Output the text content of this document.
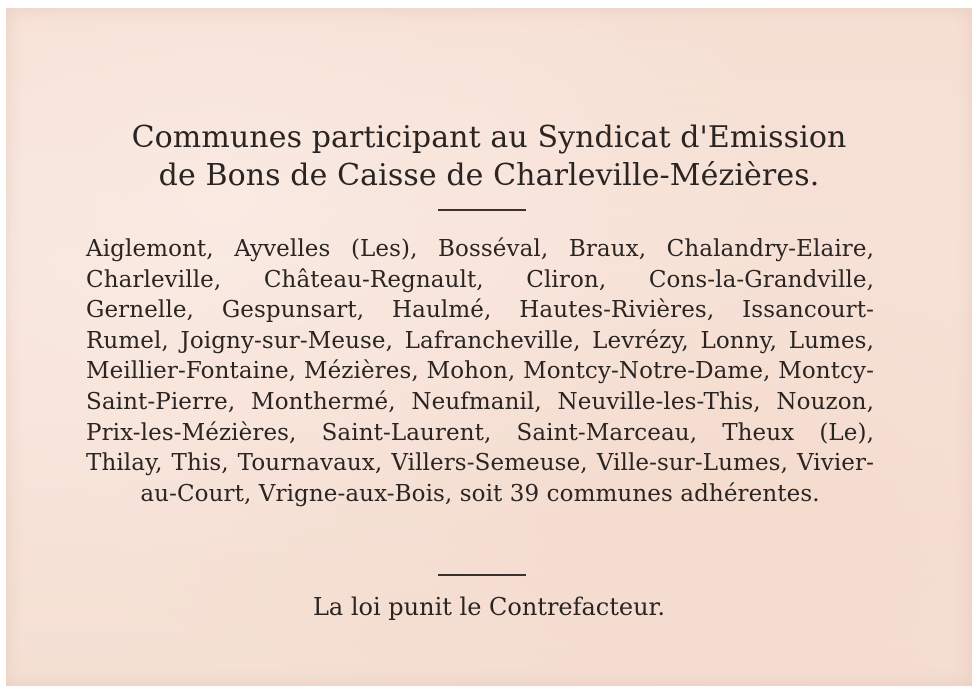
Communes participant au Syndicat d'Emission
de Bons de Caisse de Charleville-Mézières.

Aiglemont, Ayvelles (Les), Bosséval, Braux, Chalandry-Elaire, Charleville, Château-Regnault, Cliron, Cons-la-Grandville, Gernelle, Gespunsart, Haulmé, Hautes-Rivières, Issancourt-Rumel, Joigny-sur-Meuse, Lafrancheville, Levrézy, Lonny, Lumes, Meillier-Fontaine, Mézières, Mohon, Montcy-Notre-Dame, Montcy-Saint-Pierre, Monthermé, Neufmanil, Neuville-les-This, Nouzon, Prix-les-Mézières, Saint-Laurent, Saint-Marceau, Theux (Le), Thilay, This, Tournavaux, Villers-Semeuse, Ville-sur-Lumes, Vivier-au-Court, Vrigne-aux-Bois, soit 39 communes adhérentes.

La loi punit le Contrefacteur.
